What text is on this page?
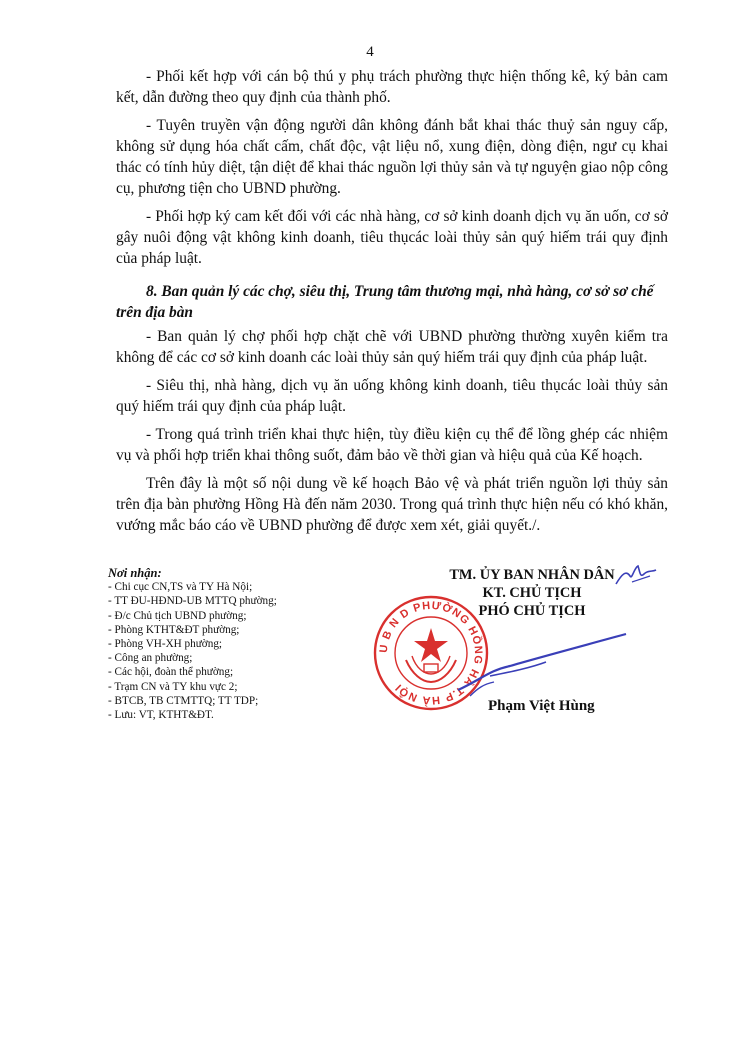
4

- Phối kết hợp với cán bộ thú y phụ trách phường thực hiện thống kê, ký bản cam kết, dẫn đường theo quy định của thành phố.

- Tuyên truyền vận động người dân không đánh bắt khai thác thuỷ sản nguy cấp, không sử dụng hóa chất cấm, chất độc, vật liệu nổ, xung điện, dòng điện, ngư cụ khai thác có tính hủy diệt, tận diệt để khai thác nguồn lợi thủy sản và tự nguyện giao nộp công cụ, phương tiện cho UBND phường.

- Phối hợp ký cam kết đối với các nhà hàng, cơ sở kinh doanh dịch vụ ăn uốn, cơ sở gây nuôi động vật không kinh doanh, tiêu thụcác loài thủy sản quý hiếm trái quy định của pháp luật.

8. Ban quản lý các chợ, siêu thị, Trung tâm thương mại, nhà hàng, cơ sở sơ chế trên địa bàn

- Ban quản lý chợ phối hợp chặt chẽ với UBND phường thường xuyên kiểm tra không để các cơ sở kinh doanh các loài thủy sản quý hiếm trái quy định của pháp luật.

- Siêu thị, nhà hàng, dịch vụ ăn uống không kinh doanh, tiêu thụcác loài thủy sản quý hiếm trái quy định của pháp luật.

- Trong quá trình triển khai thực hiện, tùy điều kiện cụ thể để lồng ghép các nhiệm vụ và phối hợp triển khai thông suốt, đảm bảo về thời gian và hiệu quả của Kế hoạch.

Trên đây là một số nội dung về kế hoạch Bảo vệ và phát triển nguồn lợi thủy sản trên địa bàn phường Hồng Hà đến năm 2030. Trong quá trình thực hiện nếu có khó khăn, vướng mắc báo cáo về UBND phường để được xem xét, giải quyết./.

Nơi nhận:
- Chi cục CN,TS và TY Hà Nội;
- TT ĐU-HĐND-UB MTTQ phường;
- Đ/c Chủ tịch UBND phường;
- Phòng KTHT&ĐT phường;
- Phòng VH-XH phường;
- Công an phường;
- Các hội, đoàn thể phường;
- Trạm CN và TY khu vực 2;
- BTCB, TB CTMTTQ; TT TDP;
- Lưu: VT, KTHT&ĐT.
TM. ỦY BAN NHÂN DÂN
KT. CHỦ TỊCH
PHÓ CHỦ TỊCH
U B N D PHƯỜNG HỒNG HÀ T.P HÀ NỘI
Phạm Việt Hùng
